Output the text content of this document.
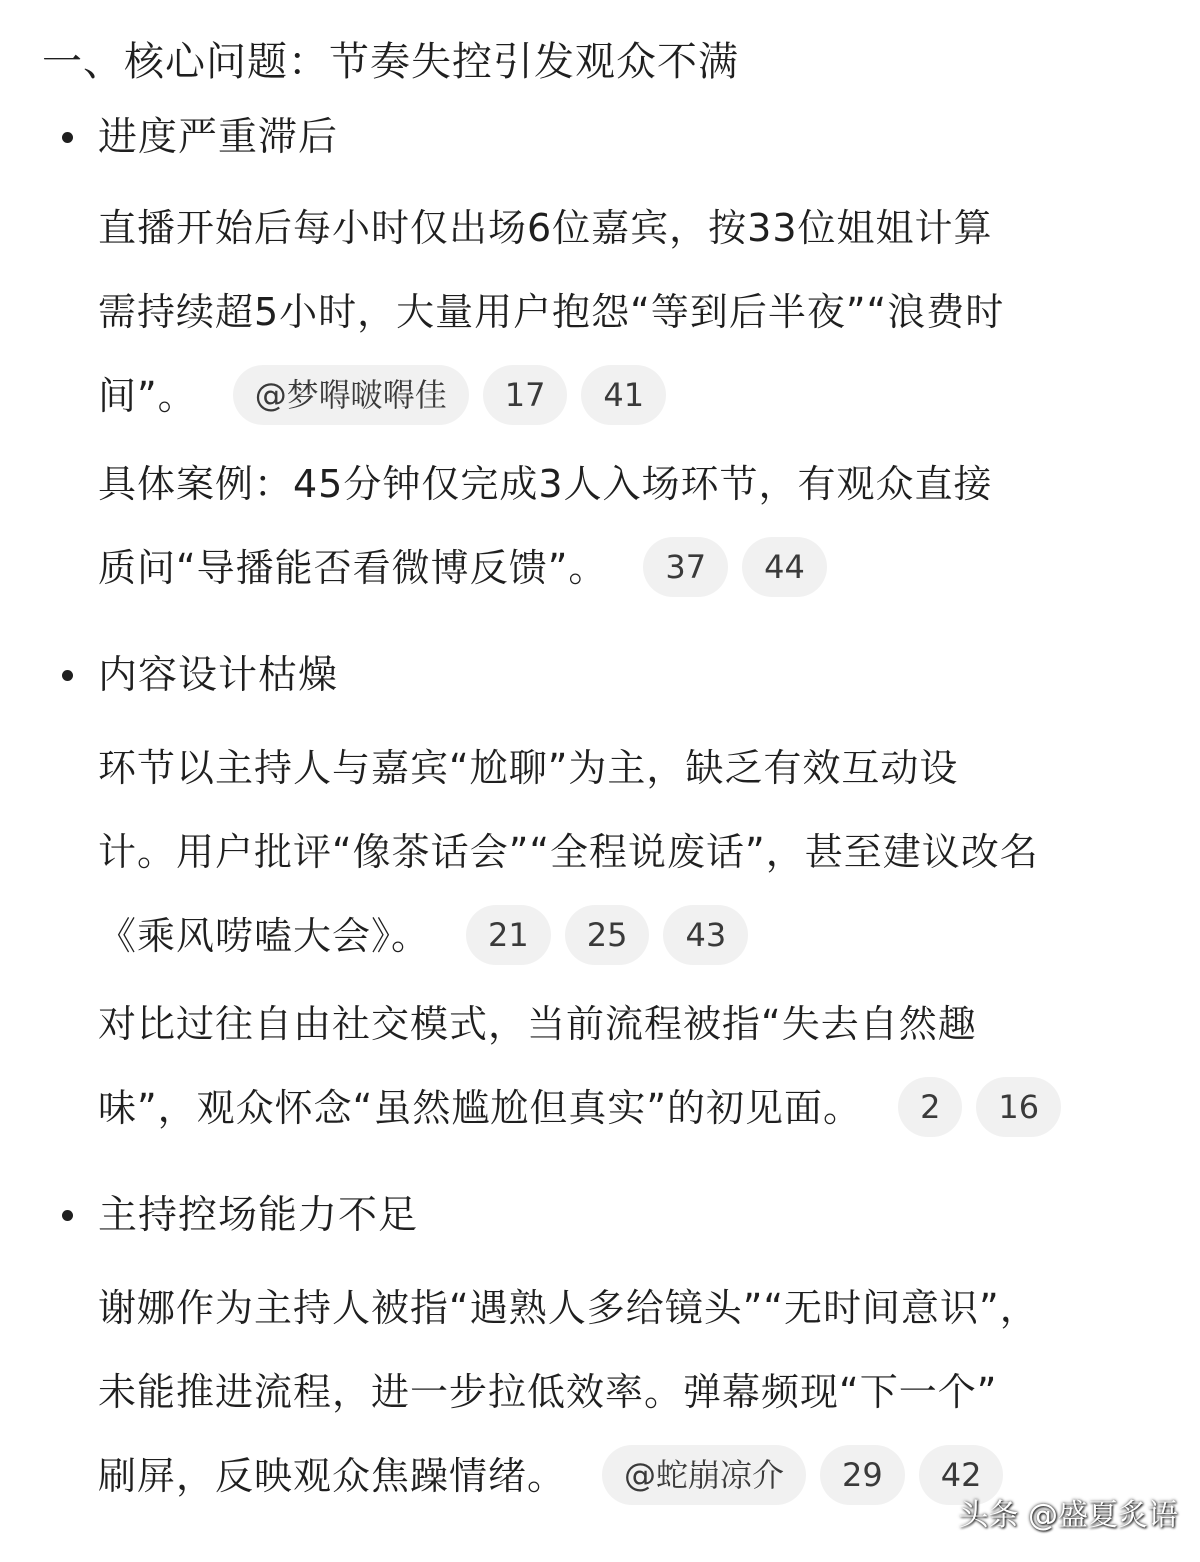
一、核心问题：节奏失控引发观众不满
进度严重滞后
直播开始后每小时仅出场6位嘉宾，按33位姐姐计算
需持续超5小时，大量用户抱怨“等到后半夜”“浪费时
间”。 @梦嘚啵嘚佳 17 41
具体案例：45分钟仅完成3人入场环节，有观众直接
质问“导播能否看微博反馈”。 37 44
内容设计枯燥
环节以主持人与嘉宾“尬聊”为主，缺乏有效互动设
计。用户批评“像茶话会”“全程说废话”，甚至建议改名
《乘风唠嗑大会》。 21 25 43
对比过往自由社交模式，当前流程被指“失去自然趣
味”，观众怀念“虽然尴尬但真实”的初见面。 2 16
主持控场能力不足
谢娜作为主持人被指“遇熟人多给镜头”“无时间意识”，
未能推进流程，进一步拉低效率。弹幕频现“下一个”
刷屏，反映观众焦躁情绪。 @蛇崩凉介 29 42
头条 @盛夏炙语
